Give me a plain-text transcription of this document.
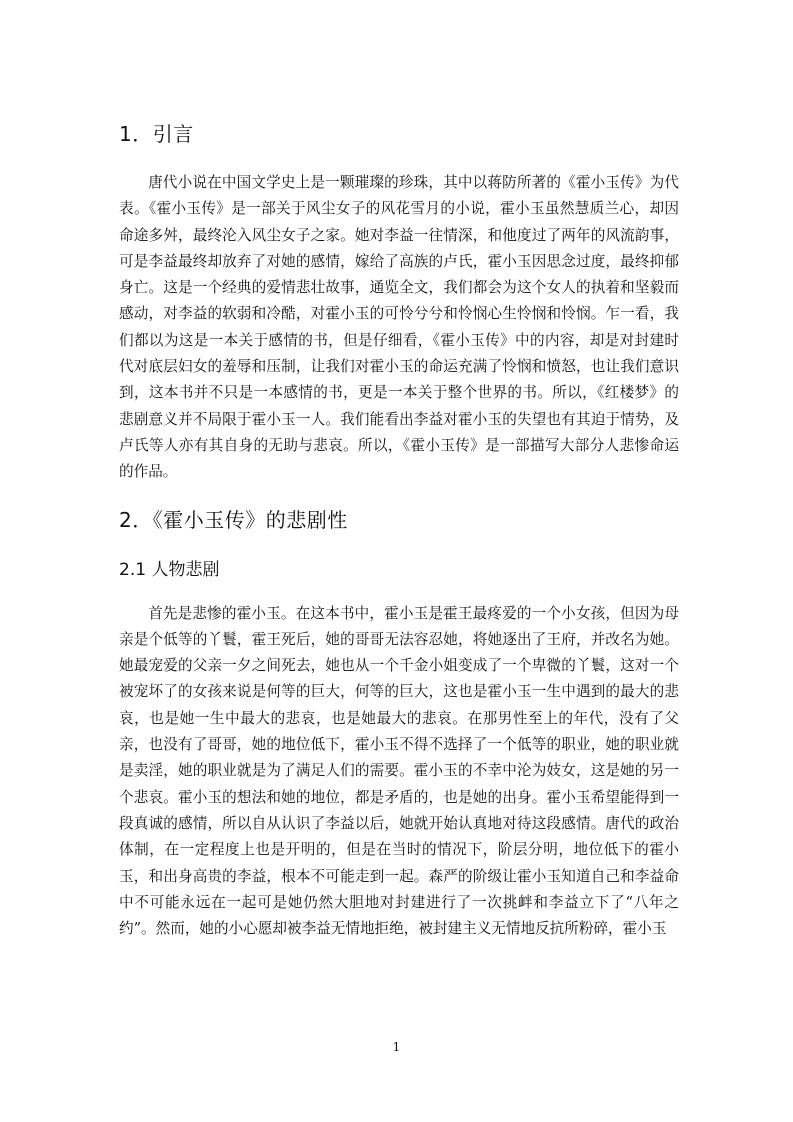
1．引言

唐代小说在中国文学史上是一颗璀璨的珍珠，其中以蒋防所著的《霍小玉传》为代表。《霍小玉传》是一部关于风尘女子的风花雪月的小说，霍小玉虽然慧质兰心，却因命途多舛，最终沦入风尘女子之家。她对李益一往情深，和他度过了两年的风流韵事，可是李益最终却放弃了对她的感情，嫁给了高族的卢氏，霍小玉因思念过度，最终抑郁身亡。这是一个经典的爱情悲壮故事，通览全文，我们都会为这个女人的执着和坚毅而感动，对李益的软弱和冷酷，对霍小玉的可怜兮兮和怜悯心生怜悯和怜悯。乍一看，我们都以为这是一本关于感情的书，但是仔细看，《霍小玉传》中的内容，却是对封建时代对底层妇女的羞辱和压制，让我们对霍小玉的命运充满了怜悯和愤怒，也让我们意识到，这本书并不只是一本感情的书，更是一本关于整个世界的书。所以，《红楼梦》的悲剧意义并不局限于霍小玉一人。我们能看出李益对霍小玉的失望也有其迫于情势，及卢氏等人亦有其自身的无助与悲哀。所以，《霍小玉传》是一部描写大部分人悲惨命运的作品。

2．《霍小玉传》的悲剧性
2.1 人物悲剧

首先是悲惨的霍小玉。在这本书中，霍小玉是霍王最疼爱的一个小女孩，但因为母亲是个低等的丫鬟，霍王死后，她的哥哥无法容忍她，将她逐出了王府，并改名为她。她最宠爱的父亲一夕之间死去，她也从一个千金小姐变成了一个卑微的丫鬟，这对一个被宠坏了的女孩来说是何等的巨大，何等的巨大，这也是霍小玉一生中遇到的最大的悲哀，也是她一生中最大的悲哀，也是她最大的悲哀。在那男性至上的年代，没有了父亲，也没有了哥哥，她的地位低下，霍小玉不得不选择了一个低等的职业，她的职业就是卖淫，她的职业就是为了满足人们的需要。霍小玉的不幸中沦为妓女，这是她的另一个悲哀。霍小玉的想法和她的地位，都是矛盾的，也是她的出身。霍小玉希望能得到一段真诚的感情，所以自从认识了李益以后，她就开始认真地对待这段感情。唐代的政治体制，在一定程度上也是开明的，但是在当时的情况下，阶层分明，地位低下的霍小玉，和出身高贵的李益，根本不可能走到一起。森严的阶级让霍小玉知道自己和李益命中不可能永远在一起可是她仍然大胆地对封建进行了一次挑衅和李益立下了“八年之约”。然而，她的小心愿却被李益无情地拒绝，被封建主义无情地反抗所粉碎，霍小玉

1
